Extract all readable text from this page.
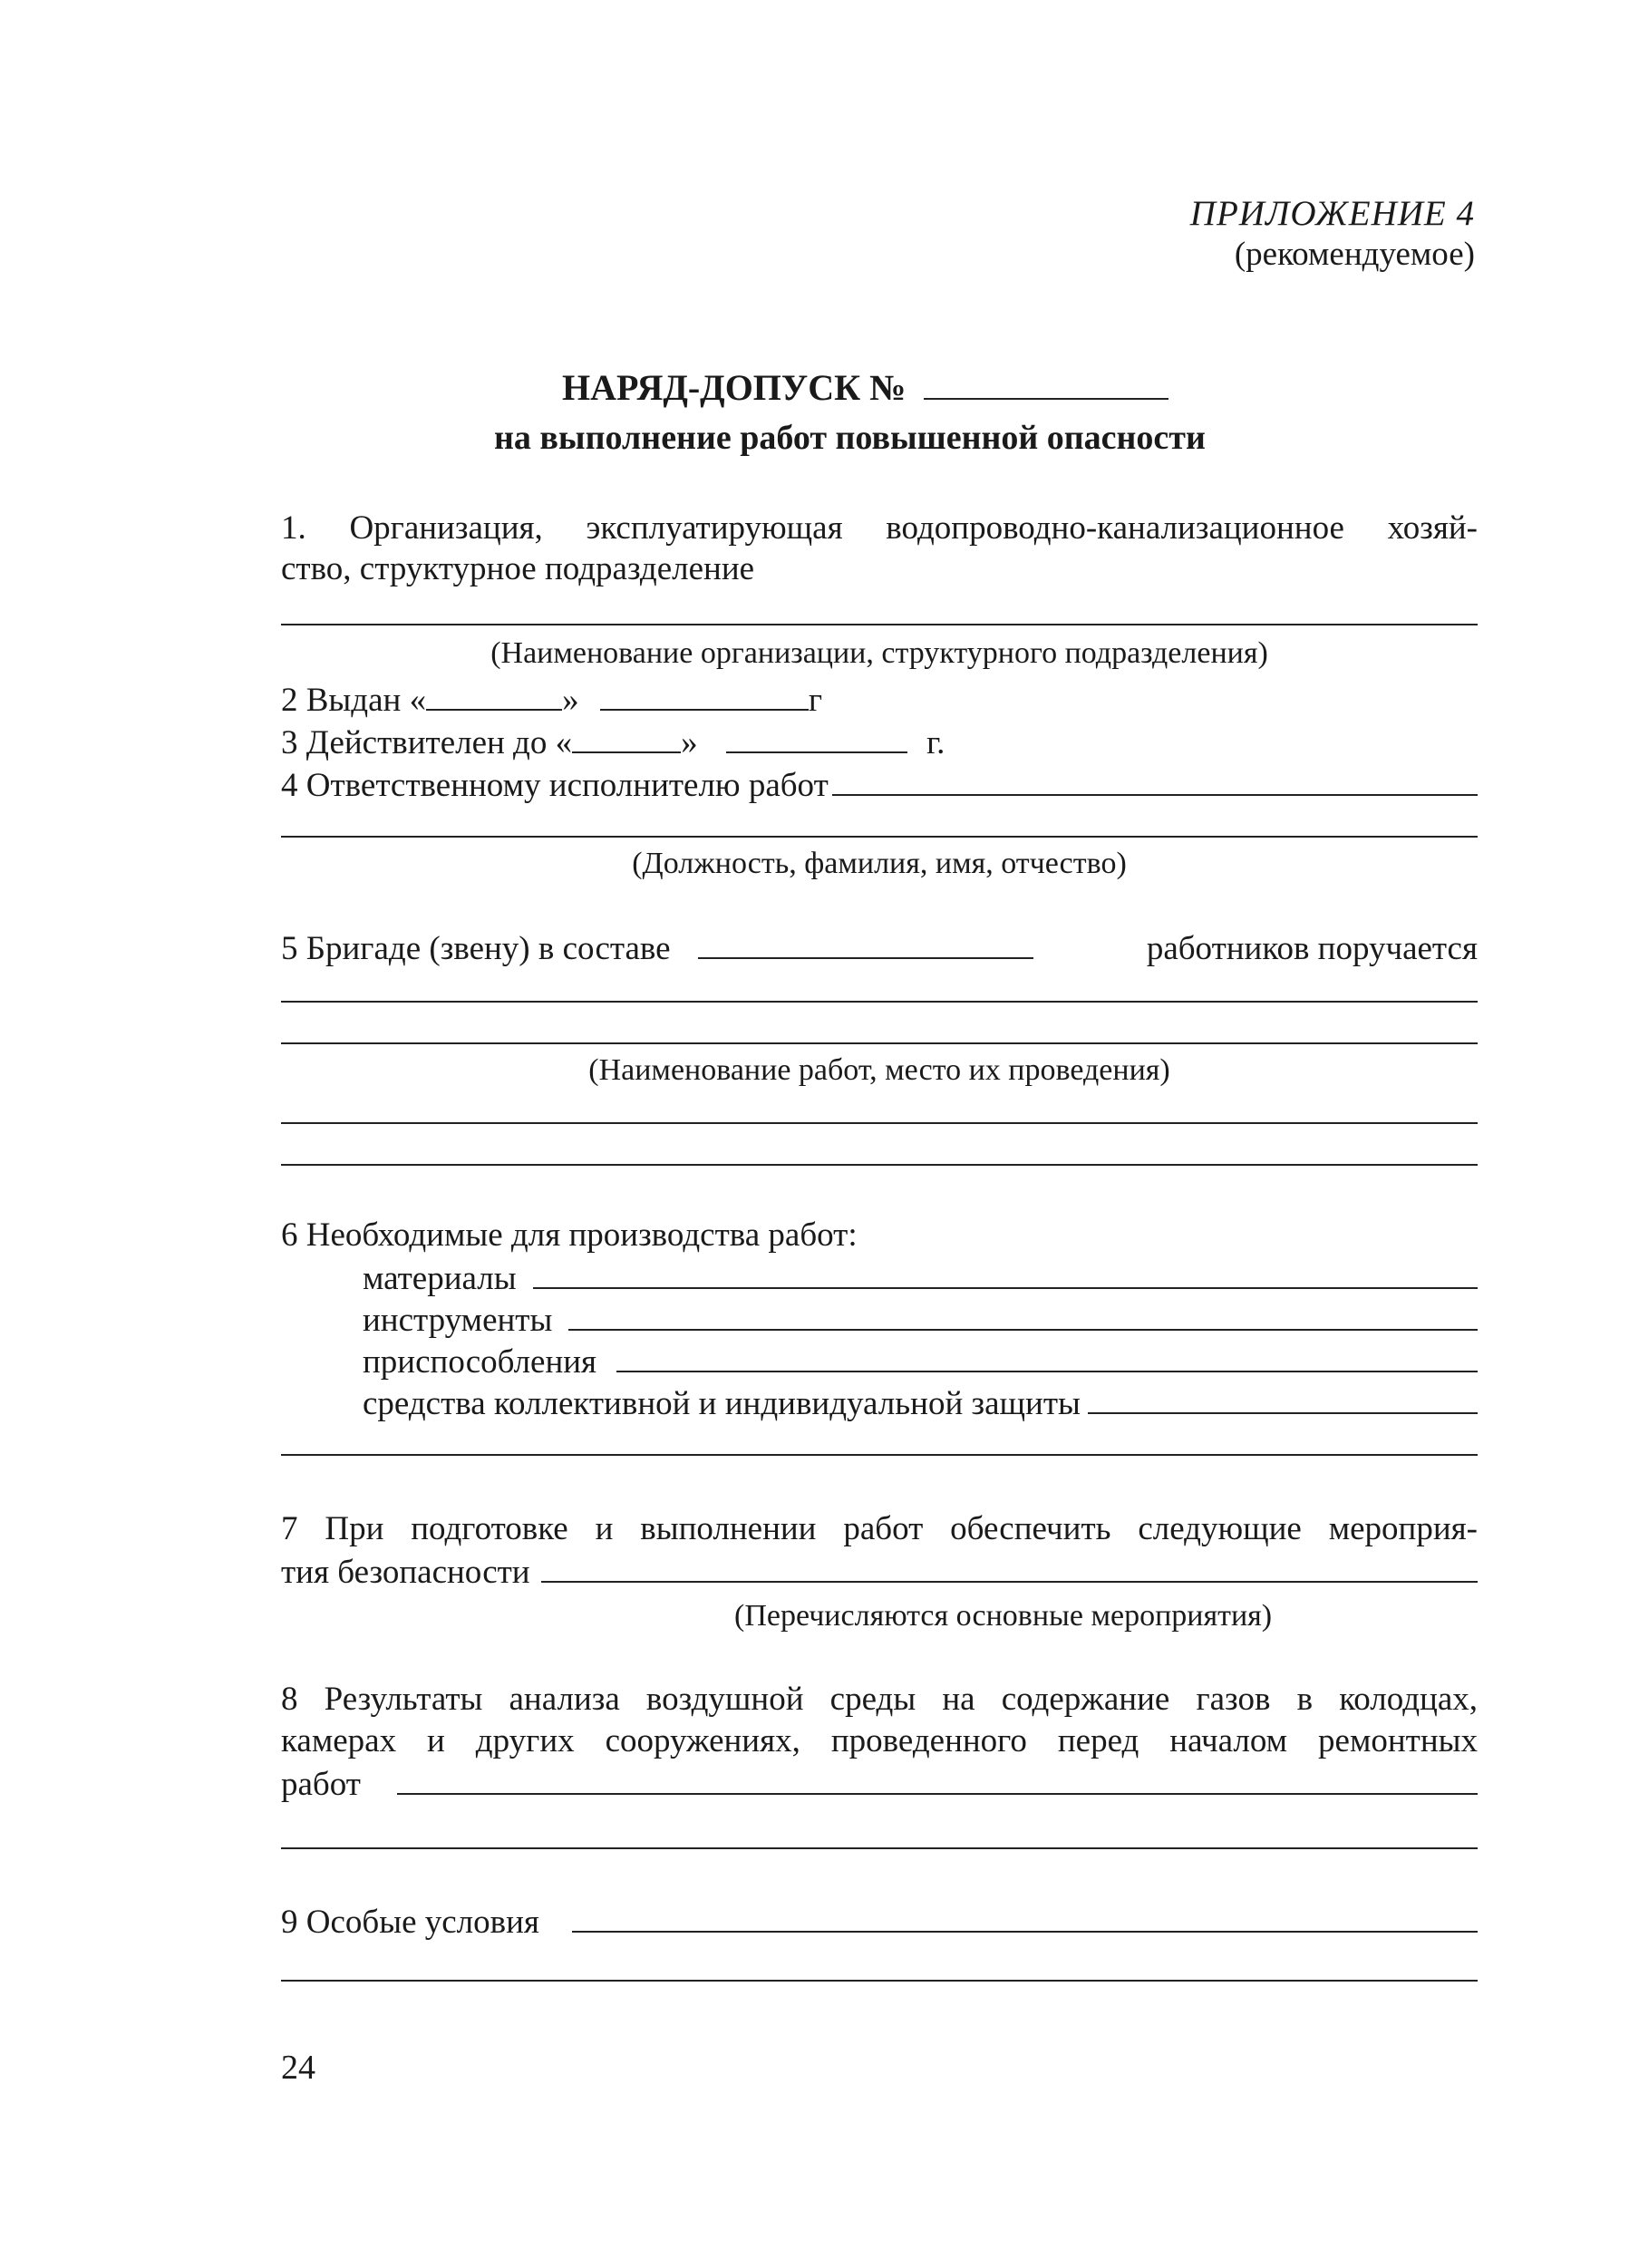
ПРИЛОЖЕНИЕ 4
(рекомендуемое)
НАРЯД-ДОПУСК №
на выполнение работ повышенной опасности
1. Организация, эксплуатирующая водопроводно-канализационное хозяй-
ство, структурное подразделение
(Наименование организации, структурного подразделения)
2 Выдан «	»	г
3 Действителен до «	»	г.
4 Ответственному исполнителю работ
(Должность, фамилия, имя, отчество)
5 Бригаде (звену) в составе	работников поручается
(Наименование работ, место их проведения)
6 Необходимые для производства работ:
материалы
инструменты
приспособления
средства коллективной и индивидуальной защиты
7 При подготовке и выполнении работ обеспечить следующие мероприя-
тия безопасности
(Перечисляются основные мероприятия)
8 Результаты анализа воздушной среды на содержание газов в колодцах,
камерах и других сооружениях, проведенного перед началом ремонтных
работ
9 Особые условия
24
